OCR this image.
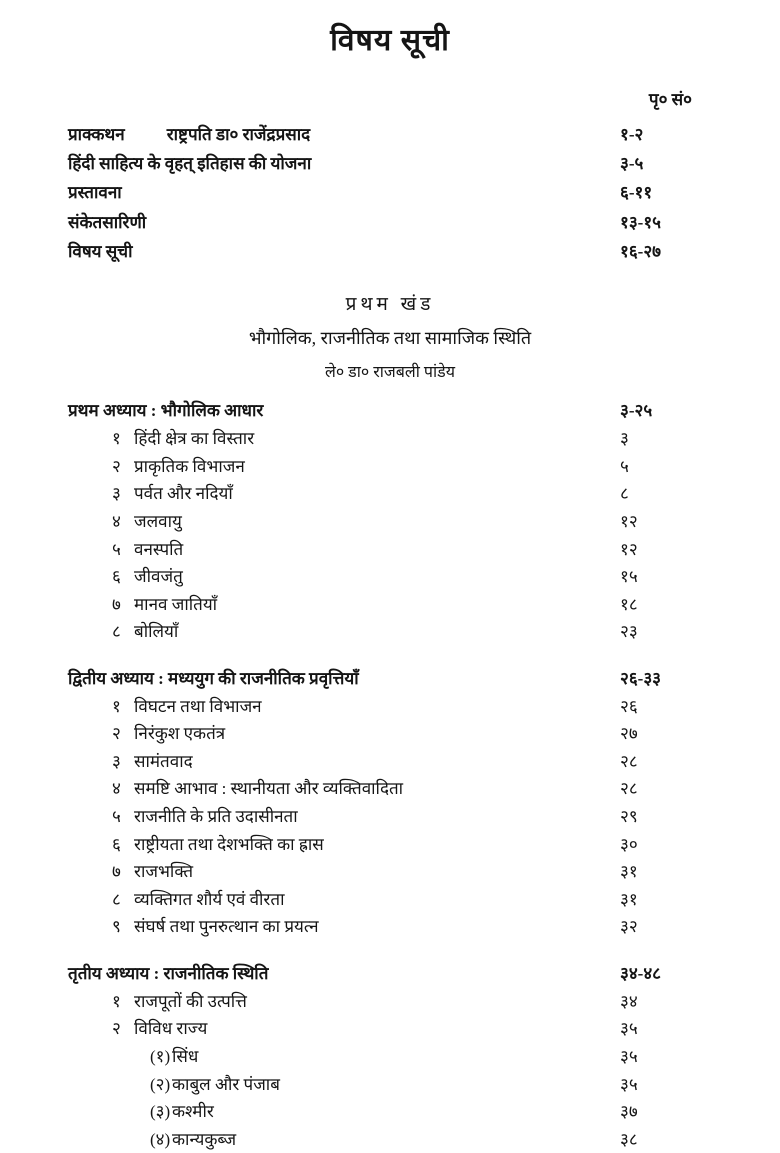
विषय सूची
पृ० सं०
प्राक्कथन	राष्ट्रपति डा० राजेंद्रप्रसाद	१-२
हिंदी साहित्य के वृहत् इतिहास की योजना	३-५
प्रस्तावना	६-११
संकेतसारिणी	१३-१५
विषय सूची	१६-२७
प्रथम खंड
भौगोलिक, राजनीतिक तथा सामाजिक स्थिति
ले० डा० राजबली पांडेय
प्रथम अध्याय : भौगोलिक आधार	३-२५
१ हिंदी क्षेत्र का विस्तार	३
२ प्राकृतिक विभाजन	५
३ पर्वत और नदियाँ	८
४ जलवायु	१२
५ वनस्पति	१२
६ जीवजंतु	१५
७ मानव जातियाँ	१८
८ बोलियाँ	२३
द्वितीय अध्याय : मध्ययुग की राजनीतिक प्रवृत्तियाँ	२६-३३
१ विघटन तथा विभाजन	२६
२ निरंकुश एकतंत्र	२७
३ सामंतवाद	२८
४ समष्टि आभाव : स्थानीयता और व्यक्तिवादिता	२८
५ राजनीति के प्रति उदासीनता	२९
६ राष्ट्रीयता तथा देशभक्ति का ह्रास	३०
७ राजभक्ति	३१
८ व्यक्तिगत शौर्य एवं वीरता	३१
९ संघर्ष तथा पुनरुत्थान का प्रयत्न	३२
तृतीय अध्याय : राजनीतिक स्थिति	३४-४८
१ राजपूतों की उत्पत्ति	३४
२ विविध राज्य	३५
(१) सिंध	३५
(२) काबुल और पंजाब	३५
(३) कश्मीर	३७
(४) कान्यकुब्ज	३८
